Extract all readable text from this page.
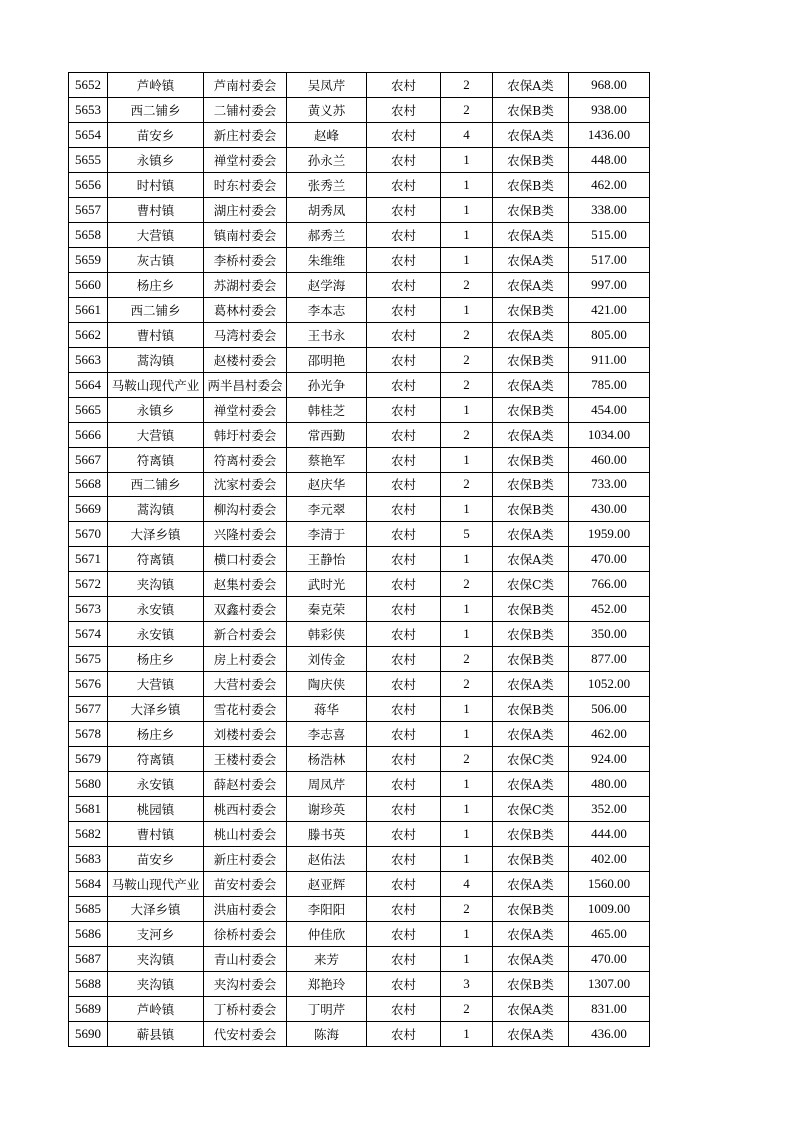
5652	芦岭镇	芦南村委会	吴凤芹	农村	2	农保A类	968.00

5653	西二铺乡	二铺村委会	黄义苏	农村	2	农保B类	938.00

5654	苗安乡	新庄村委会	赵峰	农村	4	农保A类	1436.00

5655	永镇乡	禅堂村委会	孙永兰	农村	1	农保B类	448.00

5656	时村镇	时东村委会	张秀兰	农村	1	农保B类	462.00

5657	曹村镇	湖庄村委会	胡秀凤	农村	1	农保B类	338.00

5658	大营镇	镇南村委会	郝秀兰	农村	1	农保A类	515.00

5659	灰古镇	李桥村委会	朱维维	农村	1	农保A类	517.00

5660	杨庄乡	苏湖村委会	赵学海	农村	2	农保A类	997.00

5661	西二铺乡	葛林村委会	李本志	农村	1	农保B类	421.00

5662	曹村镇	马湾村委会	王书永	农村	2	农保A类	805.00

5663	蒿沟镇	赵楼村委会	邵明艳	农村	2	农保B类	911.00

5664	马鞍山现代产业	两半昌村委会	孙光争	农村	2	农保A类	785.00

5665	永镇乡	禅堂村委会	韩桂芝	农村	1	农保B类	454.00

5666	大营镇	韩圩村委会	常西勤	农村	2	农保A类	1034.00

5667	符离镇	符离村委会	蔡艳军	农村	1	农保B类	460.00

5668	西二铺乡	沈家村委会	赵庆华	农村	2	农保B类	733.00

5669	蒿沟镇	柳沟村委会	李元翠	农村	1	农保B类	430.00

5670	大泽乡镇	兴隆村委会	李清于	农村	5	农保A类	1959.00

5671	符离镇	横口村委会	王静怡	农村	1	农保A类	470.00

5672	夹沟镇	赵集村委会	武时光	农村	2	农保C类	766.00

5673	永安镇	双鑫村委会	秦克荣	农村	1	农保B类	452.00

5674	永安镇	新合村委会	韩彩侠	农村	1	农保B类	350.00

5675	杨庄乡	房上村委会	刘传金	农村	2	农保B类	877.00

5676	大营镇	大营村委会	陶庆侠	农村	2	农保A类	1052.00

5677	大泽乡镇	雪花村委会	蒋华	农村	1	农保B类	506.00

5678	杨庄乡	刘楼村委会	李志喜	农村	1	农保A类	462.00

5679	符离镇	王楼村委会	杨浩林	农村	2	农保C类	924.00

5680	永安镇	薛赵村委会	周凤芹	农村	1	农保A类	480.00

5681	桃园镇	桃西村委会	谢珍英	农村	1	农保C类	352.00

5682	曹村镇	桃山村委会	滕书英	农村	1	农保B类	444.00

5683	苗安乡	新庄村委会	赵佑法	农村	1	农保B类	402.00

5684	马鞍山现代产业	苗安村委会	赵亚辉	农村	4	农保A类	1560.00

5685	大泽乡镇	洪庙村委会	李阳阳	农村	2	农保B类	1009.00

5686	支河乡	徐桥村委会	仲佳欣	农村	1	农保A类	465.00

5687	夹沟镇	青山村委会	来芳	农村	1	农保A类	470.00

5688	夹沟镇	夹沟村委会	郑艳玲	农村	3	农保B类	1307.00

5689	芦岭镇	丁桥村委会	丁明芹	农村	2	农保A类	831.00

5690	蕲县镇	代安村委会	陈海	农村	1	农保A类	436.00
